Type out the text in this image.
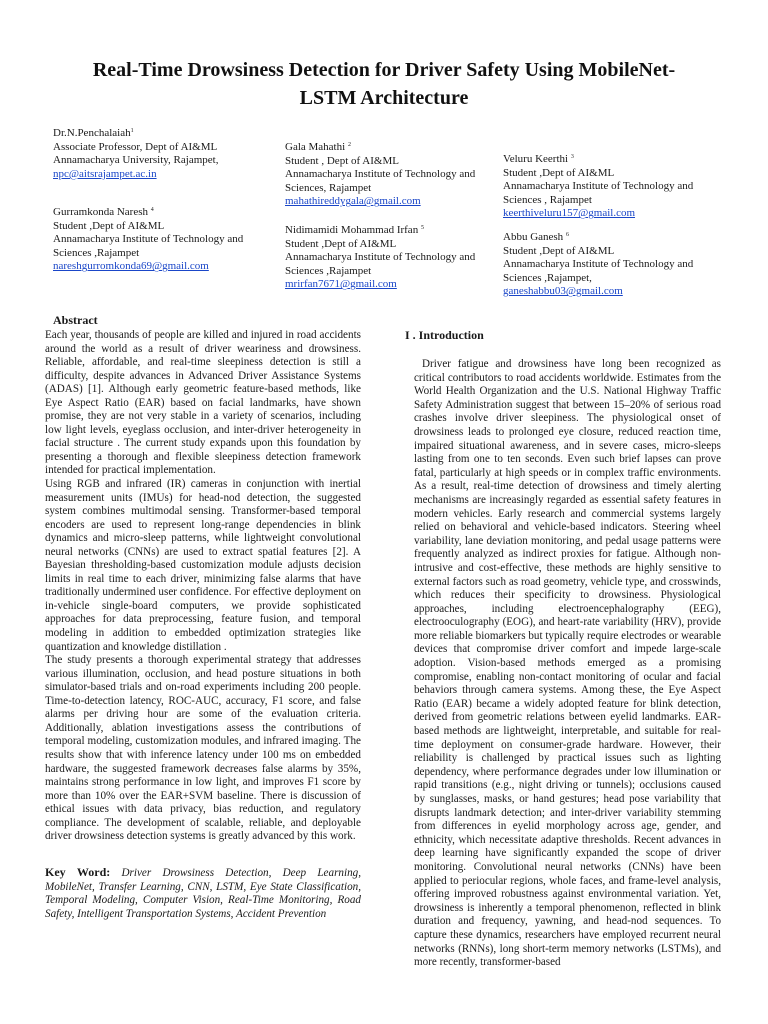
Real-Time Drowsiness Detection for Driver Safety Using MobileNet-
LSTM Architecture
Dr.N.Penchalaiah$^1$
Associate Professor, Dept of AI&ML
Annamacharya University, Rajampet,
npc@aitsrajampet.ac.in
Gala Mahathi $^2$
Student , Dept of AI&ML
Annamacharya Institute of Technology and
Sciences, Rajampet
mahathireddygala@gmail.com
Veluru Keerthi $^3$
Student ,Dept of AI&ML
Annamacharya Institute of Technology and
Sciences , Rajampet
keerthiveluru157@gmail.com
Gurramkonda Naresh $^4$
Student ,Dept of AI&ML
Annamacharya Institute of Technology and
Sciences ,Rajampet
nareshgurromkonda69@gmail.com
Nidimamidi Mohammad Irfan $^5$
Student ,Dept of AI&ML
Annamacharya Institute of Technology and
Sciences ,Rajampet
mrirfan7671@gmail.com
Abbu Ganesh $^6$
Student ,Dept of AI&ML
Annamacharya Institute of Technology and
Sciences ,Rajampet,
ganeshabbu03@gmail.com
Abstract

Each year, thousands of people are killed and injured in road accidents around the world as a result of driver weariness and drowsiness. Reliable, affordable, and real-time sleepiness detection is still a difficulty, despite advances in Advanced Driver Assistance Systems (ADAS) [1]. Although early geometric feature-based methods, like Eye Aspect Ratio (EAR) based on facial landmarks, have shown promise, they are not very stable in a variety of scenarios, including low light levels, eyeglass occlusion, and inter-driver heterogeneity in facial structure . The current study expands upon this foundation by presenting a thorough and flexible sleepiness detection framework intended for practical implementation.

Using RGB and infrared (IR) cameras in conjunction with inertial measurement units (IMUs) for head-nod detection, the suggested system combines multimodal sensing. Transformer-based temporal encoders are used to represent long-range dependencies in blink dynamics and micro-sleep patterns, while lightweight convolutional neural networks (CNNs) are used to extract spatial features [2]. A Bayesian thresholding-based customization module adjusts decision limits in real time to each driver, minimizing false alarms that have traditionally undermined user confidence. For effective deployment on in-vehicle single-board computers, we provide sophisticated approaches for data preprocessing, feature fusion, and temporal modeling in addition to embedded optimization strategies like quantization and knowledge distillation .

The study presents a thorough experimental strategy that addresses various illumination, occlusion, and head posture situations in both simulator-based trials and on-road experiments including 200 people. Time-to-detection latency, ROC-AUC, accuracy, F1 score, and false alarms per driving hour are some of the evaluation criteria. Additionally, ablation investigations assess the contributions of temporal modeling, customization modules, and infrared imaging. The results show that with inference latency under 100 ms on embedded hardware, the suggested framework decreases false alarms by 35%, maintains strong performance in low light, and improves F1 score by more than 10% over the EAR+SVM baseline. There is discussion of ethical issues with data privacy, bias reduction, and regulatory compliance. The development of scalable, reliable, and deployable driver drowsiness detection systems is greatly advanced by this work.

Key Word: Driver Drowsiness Detection, Deep Learning, MobileNet, Transfer Learning, CNN, LSTM, Eye State Classification, Temporal Modeling, Computer Vision, Real-Time Monitoring, Road Safety, Intelligent Transportation Systems, Accident Prevention
I . Introduction
Driver fatigue and drowsiness have long been recognized as critical contributors to road accidents worldwide. Estimates from the World Health Organization and the U.S. National Highway Traffic Safety Administration suggest that between 15–20% of serious road crashes involve driver sleepiness. The physiological onset of drowsiness leads to prolonged eye closure, reduced reaction time, impaired situational awareness, and in severe cases, micro-sleeps lasting from one to ten seconds. Even such brief lapses can prove fatal, particularly at high speeds or in complex traffic environments. As a result, real-time detection of drowsiness and timely alerting mechanisms are increasingly regarded as essential safety features in modern vehicles. Early research and commercial systems largely relied on behavioral and vehicle-based indicators. Steering wheel variability, lane deviation monitoring, and pedal usage patterns were frequently analyzed as indirect proxies for fatigue. Although non-intrusive and cost-effective, these methods are highly sensitive to external factors such as road geometry, vehicle type, and crosswinds, which reduces their specificity to drowsiness. Physiological approaches, including electroencephalography (EEG), electrooculography (EOG), and heart-rate variability (HRV), provide more reliable biomarkers but typically require electrodes or wearable devices that compromise driver comfort and impede large-scale adoption. Vision-based methods emerged as a promising compromise, enabling non-contact monitoring of ocular and facial behaviors through camera systems. Among these, the Eye Aspect Ratio (EAR) became a widely adopted feature for blink detection, derived from geometric relations between eyelid landmarks. EAR-based methods are lightweight, interpretable, and suitable for real-time deployment on consumer-grade hardware. However, their reliability is challenged by practical issues such as lighting dependency, where performance degrades under low illumination or rapid transitions (e.g., night driving or tunnels); occlusions caused by sunglasses, masks, or hand gestures; head pose variability that disrupts landmark detection; and inter-driver variability stemming from differences in eyelid morphology across age, gender, and ethnicity, which necessitate adaptive thresholds. Recent advances in deep learning have significantly expanded the scope of driver monitoring. Convolutional neural networks (CNNs) have been applied to periocular regions, whole faces, and frame-level analysis, offering improved robustness against environmental variation. Yet, drowsiness is inherently a temporal phenomenon, reflected in blink duration and frequency, yawning, and head-nod sequences. To capture these dynamics, researchers have employed recurrent neural networks (RNNs), long short-term memory networks (LSTMs), and more recently, transformer-based
